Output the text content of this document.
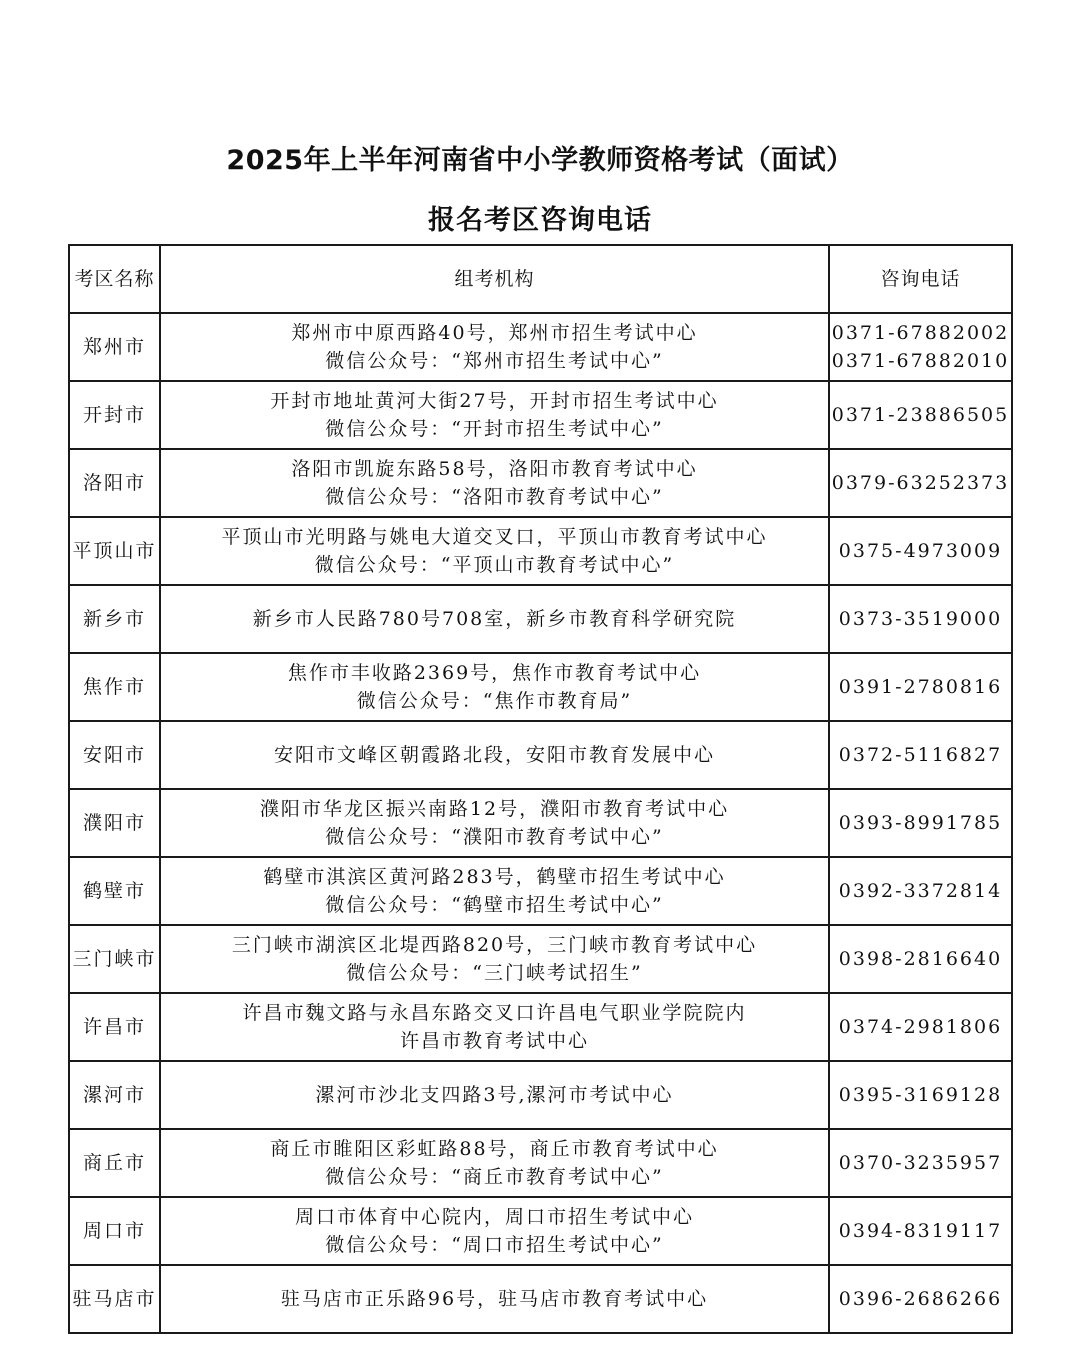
2025年上半年河南省中小学教师资格考试（面试）
报名考区咨询电话
考区名称	组考机构	咨询电话
郑州市	郑州市中原西路40号，郑州市招生考试中心
微信公众号：“郑州市招生考试中心”	0371-67882002
0371-67882010

开封市	开封市地址黄河大街27号，开封市招生考试中心
微信公众号：“开封市招生考试中心”	0371-23886505

洛阳市	洛阳市凯旋东路58号，洛阳市教育考试中心
微信公众号：“洛阳市教育考试中心”	0379-63252373

平顶山市	平顶山市光明路与姚电大道交叉口，平顶山市教育考试中心
微信公众号：“平顶山市教育考试中心”	0375-4973009

新乡市	新乡市人民路780号708室，新乡市教育科学研究院	0373-3519000

焦作市	焦作市丰收路2369号，焦作市教育考试中心
微信公众号：“焦作市教育局”	0391-2780816

安阳市	安阳市文峰区朝霞路北段，安阳市教育发展中心	0372-5116827

濮阳市	濮阳市华龙区振兴南路12号，濮阳市教育考试中心
微信公众号：“濮阳市教育考试中心”	0393-8991785

鹤壁市	鹤壁市淇滨区黄河路283号，鹤壁市招生考试中心
微信公众号：“鹤壁市招生考试中心”	0392-3372814

三门峡市	三门峡市湖滨区北堤西路820号，三门峡市教育考试中心
微信公众号：“三门峡考试招生”	0398-2816640

许昌市	许昌市魏文路与永昌东路交叉口许昌电气职业学院院内
许昌市教育考试中心	0374-2981806

漯河市	漯河市沙北支四路3号,漯河市考试中心	0395-3169128

商丘市	商丘市睢阳区彩虹路88号，商丘市教育考试中心
微信公众号：“商丘市教育考试中心”	0370-3235957

周口市	周口市体育中心院内，周口市招生考试中心
微信公众号：“周口市招生考试中心”	0394-8319117

驻马店市	驻马店市正乐路96号，驻马店市教育考试中心	0396-2686266
